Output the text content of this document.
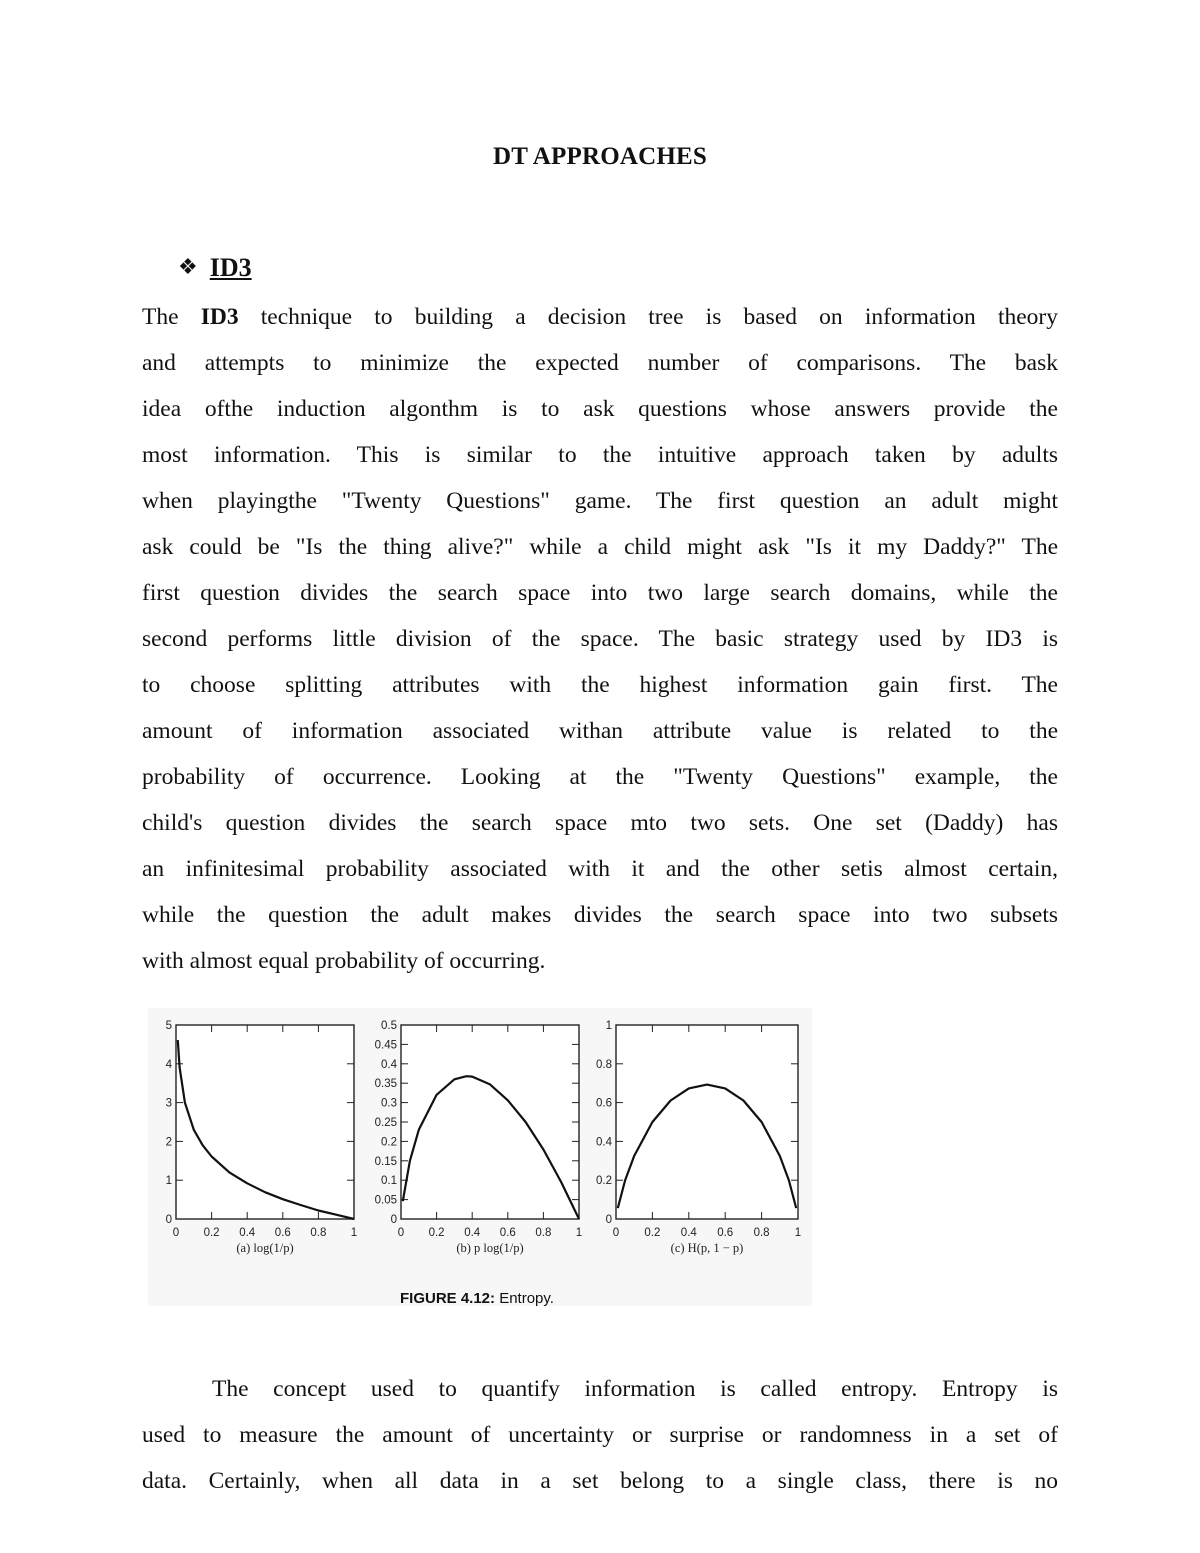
DT APPROACHES
❖ ID3
The ID3 technique to building a decision tree is based on information theory
and attempts to minimize the expected number of comparisons. The bask
idea ofthe induction algonthm is to ask questions whose answers provide the
most information. This is similar to the intuitive approach taken by adults
when playingthe "Twenty Questions" game. The first question an adult might
ask could be "Is the thing alive?" while a child might ask "Is it my Daddy?" The
first question divides the search space into two large search domains, while the
second performs little division of the space. The basic strategy used by ID3 is
to choose splitting attributes with the highest information gain first. The
amount of information associated withan attribute value is related to the
probability of occurrence. Looking at the "Twenty Questions" example, the
child's question divides the search space mto two sets. One set (Daddy) has
an infinitesimal probability associated with it and the other setis almost certain,
while the question the adult makes divides the search space into two subsets
with almost equal probability of occurring.
0 0.2 0.4 0.6 0.8 1
0
1
2
3
4
5
(a) log(1/p)
0 0.2 0.4 0.6 0.8 1
0
0.05
0.1
0.15
0.2
0.25
0.3
0.35
0.4
0.45
0.5
(b) p log(1/p)
0 0.2 0.4 0.6 0.8 1
0
0.2
0.4
0.6
0.8
1
(c) H(p, 1 − p)
FIGURE 4.12: Entropy.
The concept used to quantify information is called entropy. Entropy is
used to measure the amount of uncertainty or surprise or randomness in a set of
data. Certainly, when all data in a set belong to a single class, there is no
